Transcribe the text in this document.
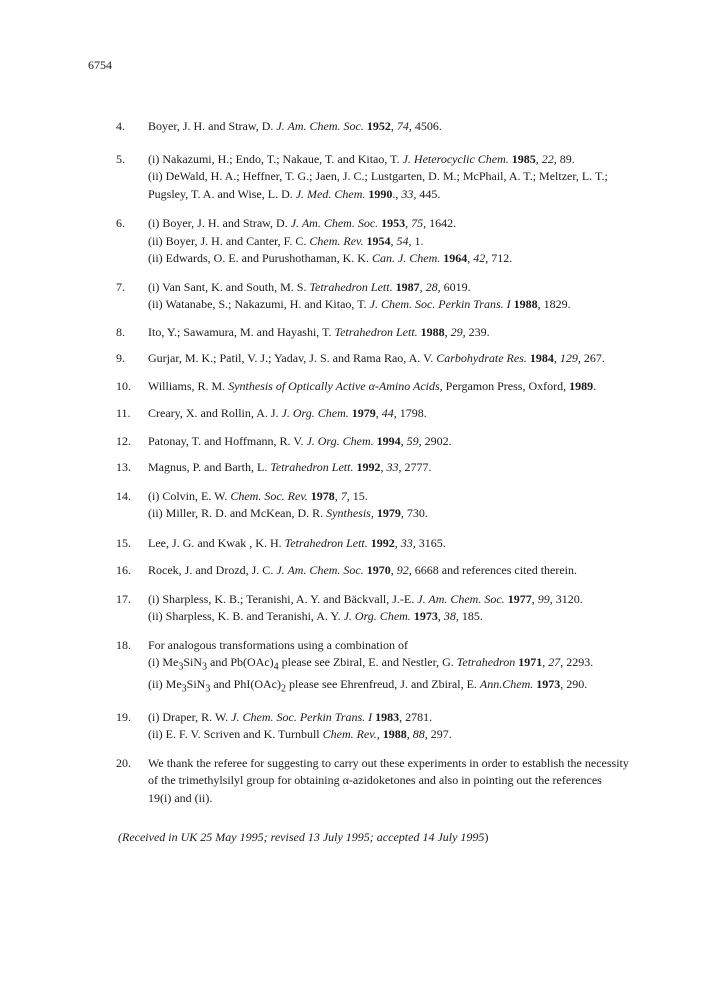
6754
4.	Boyer, J. H. and Straw, D. J. Am. Chem. Soc. 1952, 74, 4506.
5.	(i) Nakazumi, H.; Endo, T.; Nakaue, T. and Kitao, T. J. Heterocyclic Chem. 1985, 22, 89.
(ii) DeWald, H. A.; Heffner, T. G.; Jaen, J. C.; Lustgarten, D. M.; McPhail, A. T.; Meltzer, L. T.;
Pugsley, T. A. and Wise, L. D. J. Med. Chem. 1990., 33, 445.
6.	(i) Boyer, J. H. and Straw, D. J. Am. Chem. Soc. 1953, 75, 1642.
(ii) Boyer, J. H. and Canter, F. C. Chem. Rev. 1954, 54, 1.
(ii) Edwards, O. E. and Purushothaman, K. K. Can. J. Chem. 1964, 42, 712.
7.	(i) Van Sant, K. and South, M. S. Tetrahedron Lett. 1987, 28, 6019.
(ii) Watanabe, S.; Nakazumi, H. and Kitao, T. J. Chem. Soc. Perkin Trans. I 1988, 1829.
8.	Ito, Y.; Sawamura, M. and Hayashi, T. Tetrahedron Lett. 1988, 29, 239.
9.	Gurjar, M. K.; Patil, V. J.; Yadav, J. S. and Rama Rao, A. V. Carbohydrate Res. 1984, 129, 267.
10.	Williams, R. M. Synthesis of Optically Active α-Amino Acids, Pergamon Press, Oxford, 1989.
11.	Creary, X. and Rollin, A. J. J. Org. Chem. 1979, 44, 1798.
12.	Patonay, T. and Hoffmann, R. V. J. Org. Chem. 1994, 59, 2902.
13.	Magnus, P. and Barth, L. Tetrahedron Lett. 1992, 33, 2777.
14.	(i) Colvin, E. W. Chem. Soc. Rev. 1978, 7, 15.
(ii) Miller, R. D. and McKean, D. R. Synthesis, 1979, 730.
15.	Lee, J. G. and Kwak , K. H. Tetrahedron Lett. 1992, 33, 3165.
16.	Rocek, J. and Drozd, J. C. J. Am. Chem. Soc. 1970, 92, 6668 and references cited therein.
17.	(i) Sharpless, K. B.; Teranishi, A. Y. and Bäckvall, J.-E. J. Am. Chem. Soc. 1977, 99, 3120.
(ii) Sharpless, K. B. and Teranishi, A. Y. J. Org. Chem. 1973, 38, 185.
18.	For analogous transformations using a combination of
(i) $Me_3SiN_3$ and $Pb(OAc)_4$ please see Zbiral, E. and Nestler, G. Tetrahedron 1971, 27, 2293.
(ii) $Me_3SiN_3$ and $PhI(OAc)_2$ please see Ehrenfreud, J. and Zbiral, E. Ann.Chem. 1973, 290.
19.	(i) Draper, R. W. J. Chem. Soc. Perkin Trans. I 1983, 2781.
(ii) E. F. V. Scriven and K. Turnbull Chem. Rev., 1988, 88, 297.
20.	We thank the referee for suggesting to carry out these experiments in order to establish the necessity
of the trimethylsilyl group for obtaining α-azidoketones and also in pointing out the references
19(i) and (ii).
(Received in UK 25 May 1995; revised 13 July 1995; accepted 14 July 1995)
